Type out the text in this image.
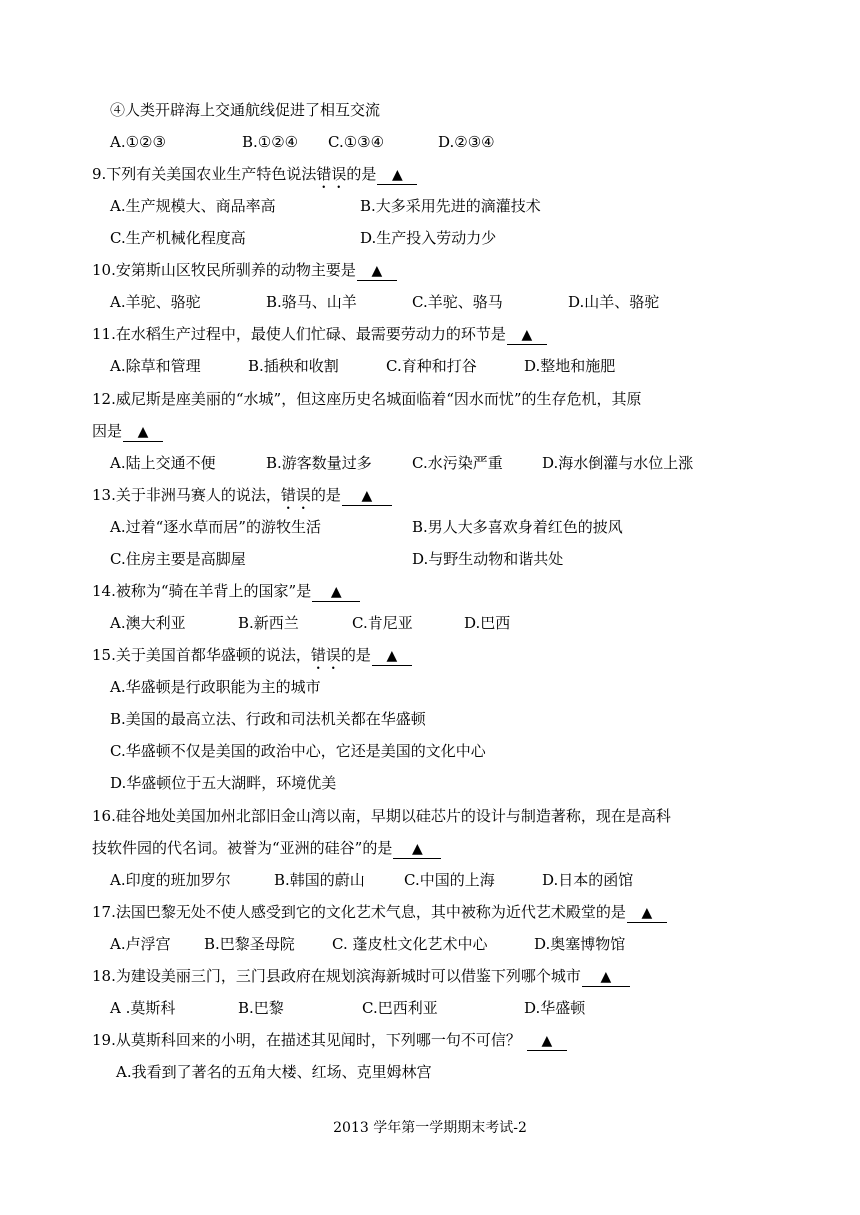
④人类开辟海上交通航线促进了相互交流
A.①②③	B.①②④ C.①③④	D.②③④
9.下列有关美国农业生产特色说法错误的是 ▲
A.生产规模大、商品率高	B.大多采用先进的滴灌技术
C.生产机械化程度高	D.生产投入劳动力少
10.安第斯山区牧民所驯养的动物主要是 ▲
A.羊驼、骆驼	B.骆马、山羊	C.羊驼、骆马	D.山羊、骆驼
11.在水稻生产过程中，最使人们忙碌、最需要劳动力的环节是 ▲
A.除草和管理	B.插秧和收割	C.育种和打谷	D.整地和施肥
12.威尼斯是座美丽的“水城”，但这座历史名城面临着“因水而忧”的生存危机，其原
因是 ▲
A.陆上交通不便	B.游客数量过多	C.水污染严重	D.海水倒灌与水位上涨
13.关于非洲马赛人的说法，错误的是 ▲
A.过着“逐水草而居”的游牧生活	B.男人大多喜欢身着红色的披风
C.住房主要是高脚屋	D.与野生动物和谐共处
14.被称为“骑在羊背上的国家”是 ▲
A.澳大利亚	B.新西兰	C.肯尼亚	D.巴西
15.关于美国首都华盛顿的说法，错误的是 ▲
A.华盛顿是行政职能为主的城市
B.美国的最高立法、行政和司法机关都在华盛顿
C.华盛顿不仅是美国的政治中心，它还是美国的文化中心
D.华盛顿位于五大湖畔，环境优美
16.硅谷地处美国加州北部旧金山湾以南，早期以硅芯片的设计与制造著称，现在是高科
技软件园的代名词。被誉为“亚洲的硅谷”的是 ▲
A.印度的班加罗尔	B.韩国的蔚山	C.中国的上海	D.日本的函馆
17.法国巴黎无处不使人感受到它的文化艺术气息，其中被称为近代艺术殿堂的是 ▲
A.卢浮宫 B.巴黎圣母院 C. 蓬皮杜文化艺术中心	D.奥塞博物馆
18.为建设美丽三门，三门县政府在规划滨海新城时可以借鉴下列哪个城市 ▲
A .莫斯科	B.巴黎	C.巴西利亚	D.华盛顿
19.从莫斯科回来的小明，在描述其见闻时，下列哪一句不可信？ ▲
A.我看到了著名的五角大楼、红场、克里姆林宫
2013 学年第一学期期末考试-2
